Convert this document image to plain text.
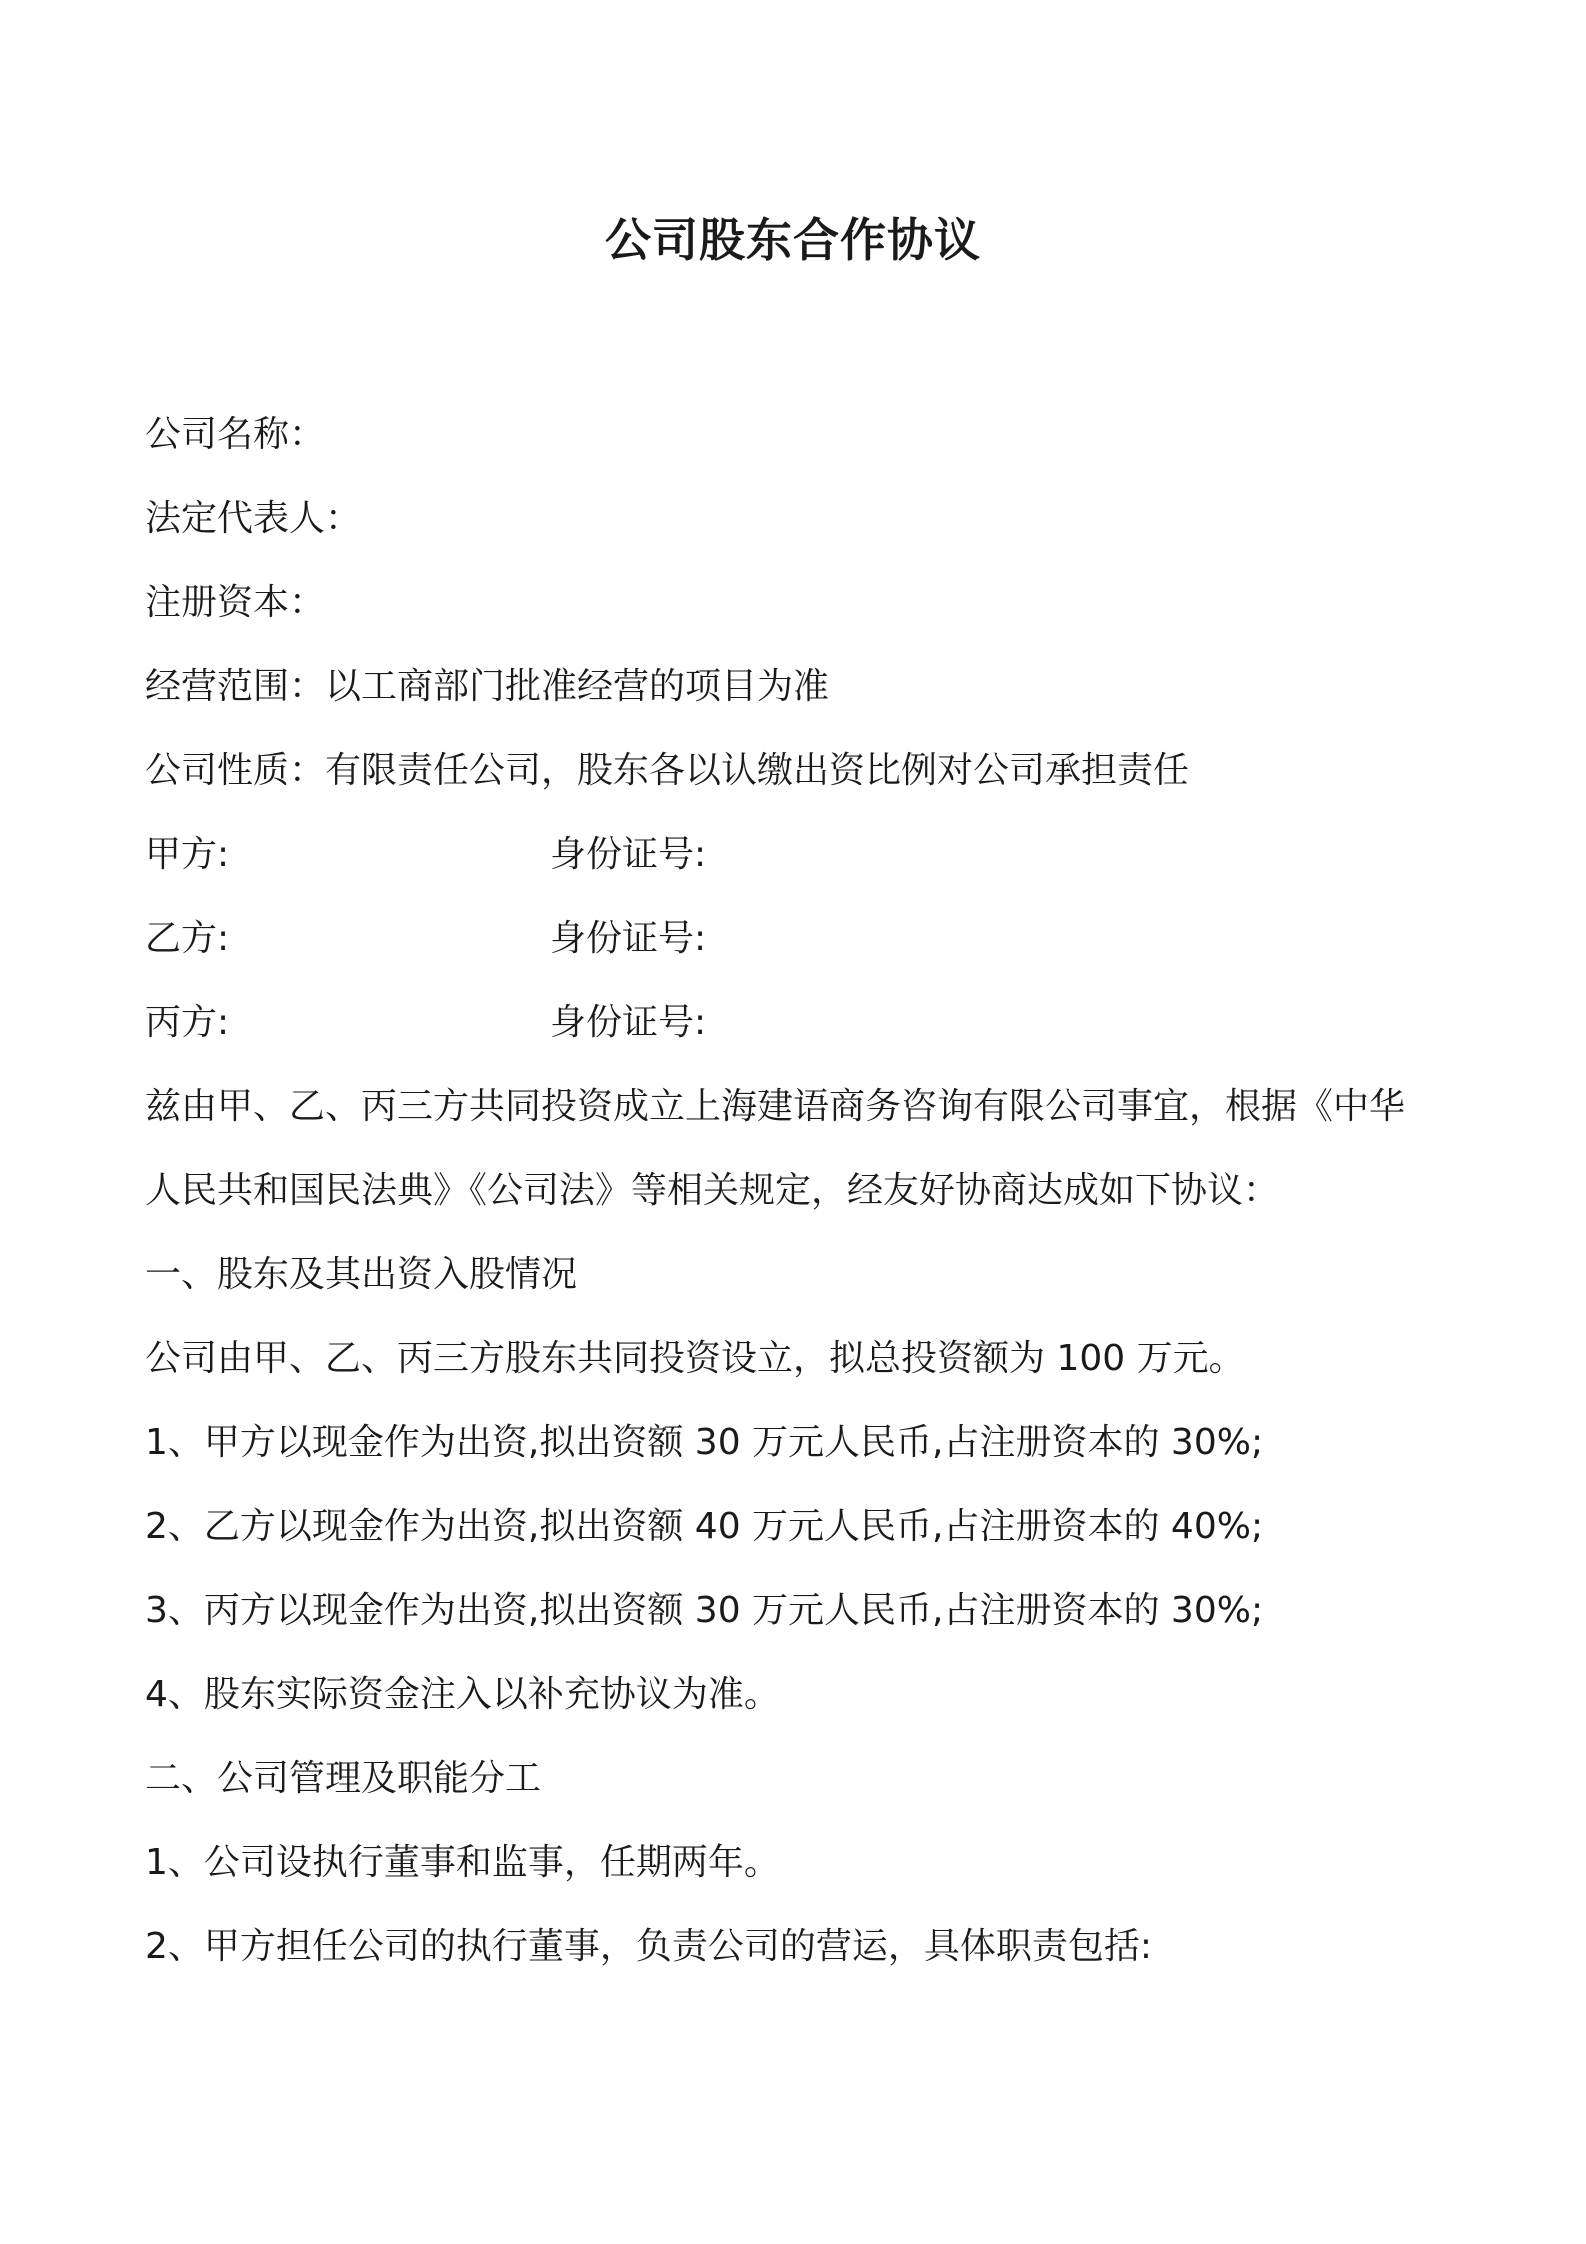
公司股东合作协议
公司名称：
法定代表人：
注册资本：
经营范围：以工商部门批准经营的项目为准
公司性质：有限责任公司，股东各以认缴出资比例对公司承担责任
甲方:	身份证号:
乙方:	身份证号:
丙方:	身份证号:
兹由甲、乙、丙三方共同投资成立上海建语商务咨询有限公司事宜，根据《中华
人民共和国民法典》《公司法》等相关规定，经友好协商达成如下协议：
一、股东及其出资入股情况
公司由甲、乙、丙三方股东共同投资设立，拟总投资额为 100 万元。
1、甲方以现金作为出资,拟出资额 30 万元人民币,占注册资本的 30%;
2、乙方以现金作为出资,拟出资额 40 万元人民币,占注册资本的 40%;
3、丙方以现金作为出资,拟出资额 30 万元人民币,占注册资本的 30%;
4、股东实际资金注入以补充协议为准。
二、公司管理及职能分工
1、公司设执行董事和监事，任期两年。
2、甲方担任公司的执行董事，负责公司的营运，具体职责包括:
